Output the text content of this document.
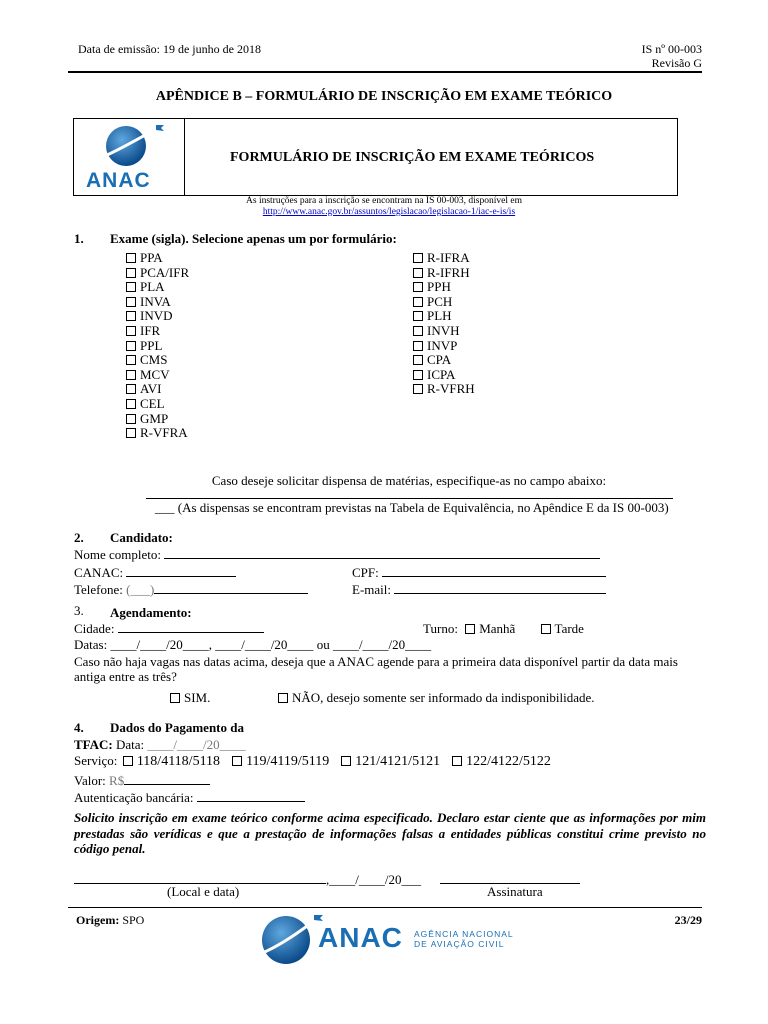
Data de emissão: 19 de junho de 2018	IS nº 00-003
Revisão G
APÊNDICE B – FORMULÁRIO DE INSCRIÇÃO EM EXAME TEÓRICO
ANAC
FORMULÁRIO DE INSCRIÇÃO EM EXAME TEÓRICOS
As instruções para a inscrição se encontram na IS 00-003, disponível em
http://www.anac.gov.br/assuntos/legislacao/legislacao-1/iac-e-is/is
1. Exame (sigla). Selecione apenas um por formulário:
PPA
PCA/IFR
PLA
INVA
INVD
IFR
PPL
CMS
MCV
AVI
CEL
GMP
R-VFRA
R-IFRA
R-IFRH
PPH
PCH
PLH
INVH
INVP
CPA
ICPA
R-VFRH
Caso deseje solicitar dispensa de matérias, especifique-as no campo abaixo:
___ (As dispensas se encontram previstas na Tabela de Equivalência, no Apêndice E da IS 00-003)
2. Candidato:
Nome completo:
CANAC:	CPF:
Telefone: (___)	E-mail:
3. Agendamento:
Cidade:	Turno: Manhã	Tarde
Datas: ____/____/20____, ____/____/20____ ou ____/____/20____
Caso não haja vagas nas datas acima, deseja que a ANAC agende para a primeira data disponível partir da data mais antiga entre as três?
SIM.	NÃO, desejo somente ser informado da indisponibilidade.
4. Dados do Pagamento da
TFAC: Data: ____/____/20____
Serviço: 118/4118/5118 119/4119/5119 121/4121/5121 122/4122/5122
Valor: R$
Autenticação bancária:
Solicito inscrição em exame teórico conforme acima especificado. Declaro estar ciente que as informações por mim prestadas são verídicas e que a prestação de informações falsas a entidades públicas constitui crime previsto no código penal.
,____/____/20___
(Local e data)	Assinatura
Origem: SPO	23/29
ANAC AGÊNCIA NACIONAL
DE AVIAÇÃO CIVIL
